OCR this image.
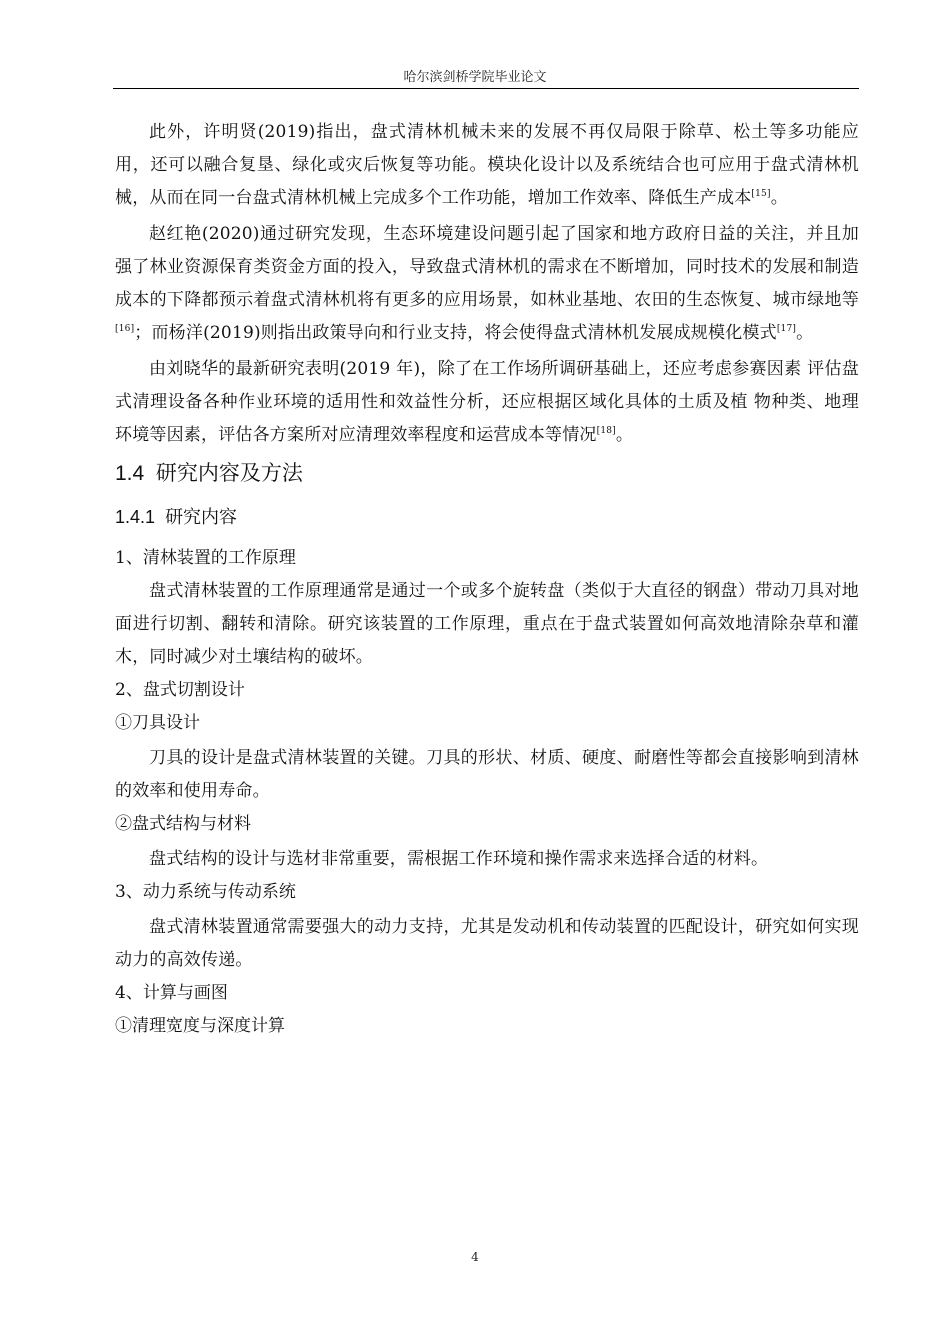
哈尔滨剑桥学院毕业论文

此外，许明贤(2019)指出，盘式清林机械未来的发展不再仅局限于除草、松土等多功能应用，还可以融合复垦、绿化或灾后恢复等功能。模块化设计以及系统结合也可应用于盘式清林机械，从而在同一台盘式清林机械上完成多个工作功能，增加工作效率、降低生产成本[15]。

赵红艳(2020)通过研究发现，生态环境建设问题引起了国家和地方政府日益的关注，并且加强了林业资源保育类资金方面的投入，导致盘式清林机的需求在不断增加，同时技术的发展和制造成本的下降都预示着盘式清林机将有更多的应用场景，如林业基地、农田的生态恢复、城市绿地等[16]；而杨洋(2019)则指出政策导向和行业支持，将会使得盘式清林机发展成规模化模式[17]。

由刘晓华的最新研究表明(2019 年)，除了在工作场所调研基础上，还应考虑参赛因素 评估盘式清理设备各种作业环境的适用性和效益性分析，还应根据区域化具体的土质及植 物种类、地理环境等因素，评估各方案所对应清理效率程度和运营成本等情况[18]。

1.4 研究内容及方法
1.4.1 研究内容
1、清林装置的工作原理

盘式清林装置的工作原理通常是通过一个或多个旋转盘（类似于大直径的钢盘）带动刀具对地面进行切割、翻转和清除。研究该装置的工作原理，重点在于盘式装置如何高效地清除杂草和灌木，同时减少对土壤结构的破坏。

2、盘式切割设计
①刀具设计

刀具的设计是盘式清林装置的关键。刀具的形状、材质、硬度、耐磨性等都会直接影响到清林的效率和使用寿命。

②盘式结构与材料

盘式结构的设计与选材非常重要，需根据工作环境和操作需求来选择合适的材料。

3、动力系统与传动系统

盘式清林装置通常需要强大的动力支持，尤其是发动机和传动装置的匹配设计，研究如何实现动力的高效传递。

4、计算与画图
①清理宽度与深度计算
4
